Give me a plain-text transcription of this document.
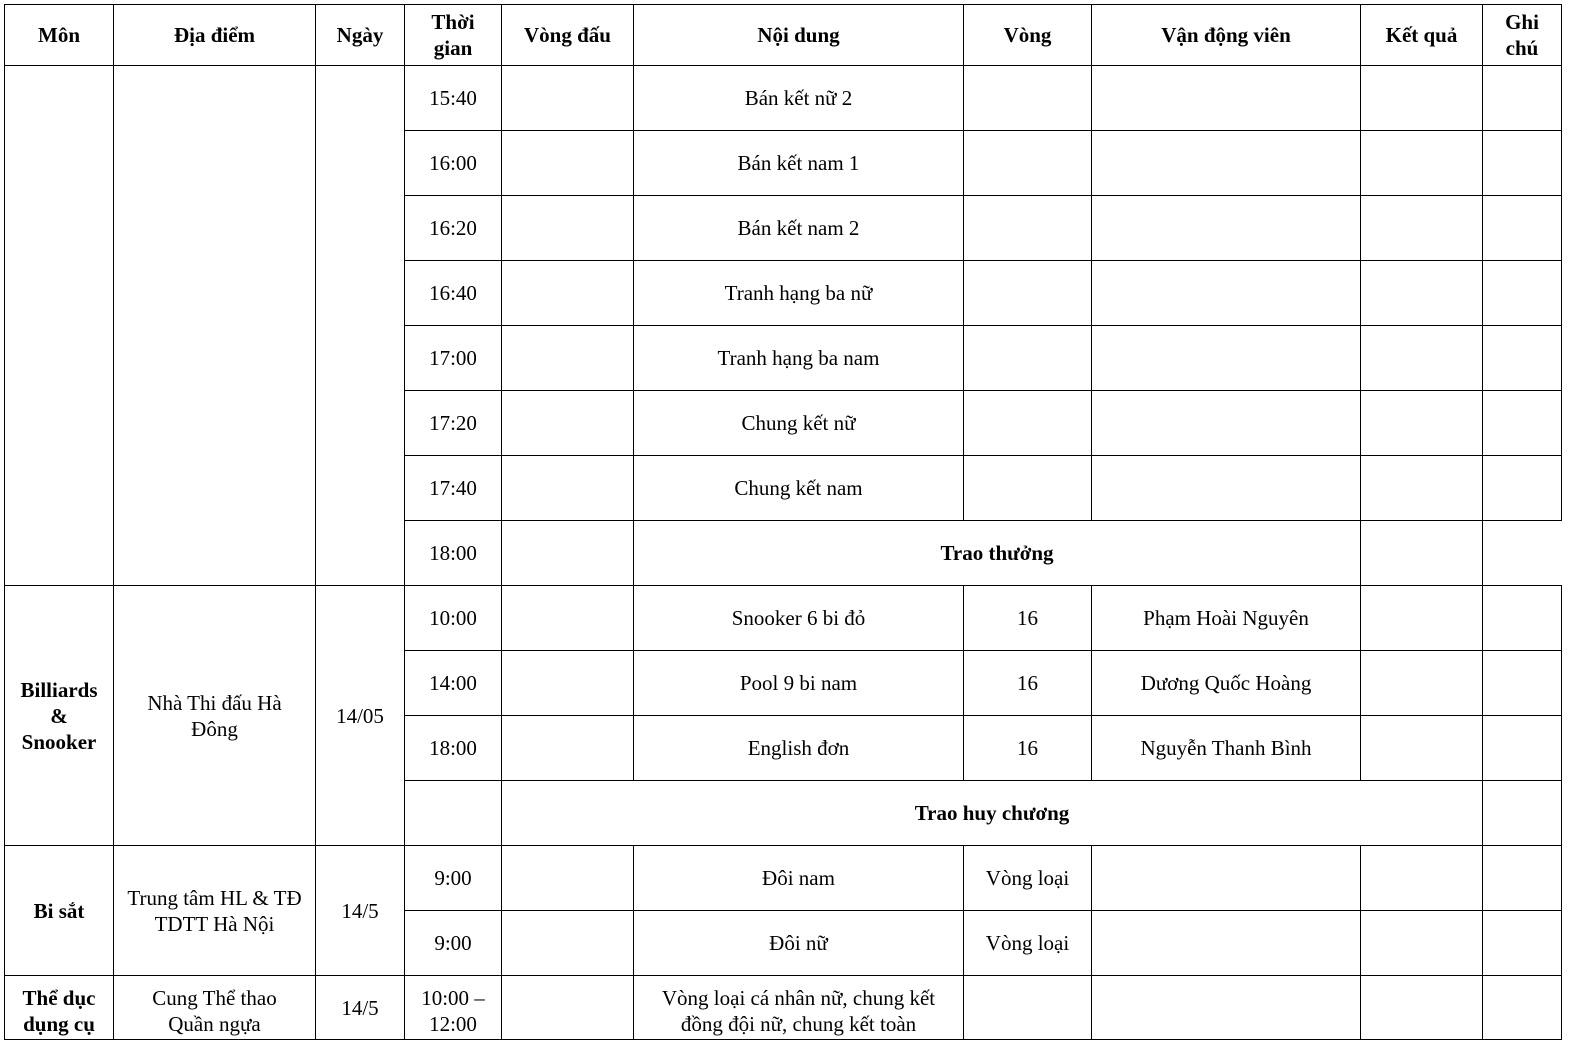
Môn	Địa điểm	Ngày	Thời gian	Vòng đấu	Nội dung	Vòng	Vận động viên	Kết quả	Ghi chú
			15:40		Bán kết nữ 2				
			16:00		Bán kết nam 1				
			16:20		Bán kết nam 2				
			16:40		Tranh hạng ba nữ				
			17:00		Tranh hạng ba nam				
			17:20		Chung kết nữ				
			17:40		Chung kết nam				
			18:00		Trao thưởng				
Billiards & Snooker	Nhà Thi đấu Hà Đông	14/05	10:00		Snooker 6 bi đỏ	16	Phạm Hoài Nguyên		
			14:00		Pool 9 bi nam	16	Dương Quốc Hoàng		
			18:00		English đơn	16	Nguyễn Thanh Bình		
				Trao huy chương					
Bi sắt	Trung tâm HL & TĐ TDTT Hà Nội	14/5	9:00		Đôi nam	Vòng loại			
			9:00		Đôi nữ	Vòng loại			
Thể dục dụng cụ	Cung Thể thao Quần ngựa	14/5	10:00 – 12:00		Vòng loại cá nhân nữ, chung kết đồng đội nữ, chung kết toàn				
